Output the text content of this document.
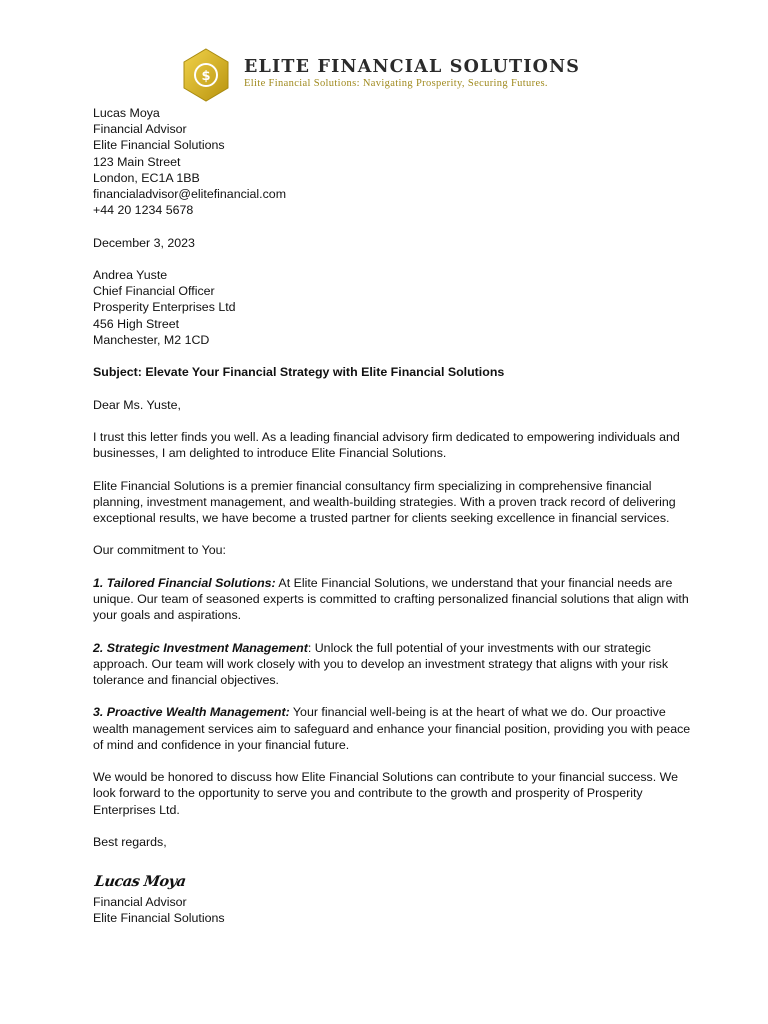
$ ELITE FINANCIAL SOLUTIONS
Elite Financial Solutions: Navigating Prosperity, Securing Futures.
Lucas Moya
Financial Advisor
Elite Financial Solutions
123 Main Street
London, EC1A 1BB
financialadvisor@elitefinancial.com
+44 20 1234 5678

December 3, 2023

Andrea Yuste
Chief Financial Officer
Prosperity Enterprises Ltd
456 High Street
Manchester, M2 1CD

Subject: Elevate Your Financial Strategy with Elite Financial Solutions

Dear Ms. Yuste,

I trust this letter finds you well. As a leading financial advisory firm dedicated to empowering individuals and businesses, I am delighted to introduce Elite Financial Solutions.

Elite Financial Solutions is a premier financial consultancy firm specializing in comprehensive financial planning, investment management, and wealth-building strategies. With a proven track record of delivering exceptional results, we have become a trusted partner for clients seeking excellence in financial services.

Our commitment to You:

1. Tailored Financial Solutions: At Elite Financial Solutions, we understand that your financial needs are unique. Our team of seasoned experts is committed to crafting personalized financial solutions that align with your goals and aspirations.

2. Strategic Investment Management: Unlock the full potential of your investments with our strategic approach. Our team will work closely with you to develop an investment strategy that aligns with your risk tolerance and financial objectives.

3. Proactive Wealth Management: Your financial well-being is at the heart of what we do. Our proactive wealth management services aim to safeguard and enhance your financial position, providing you with peace of mind and confidence in your financial future.

We would be honored to discuss how Elite Financial Solutions can contribute to your financial success. We look forward to the opportunity to serve you and contribute to the growth and prosperity of Prosperity Enterprises Ltd.

Best regards,

Lucas Moya
Financial Advisor
Elite Financial Solutions
